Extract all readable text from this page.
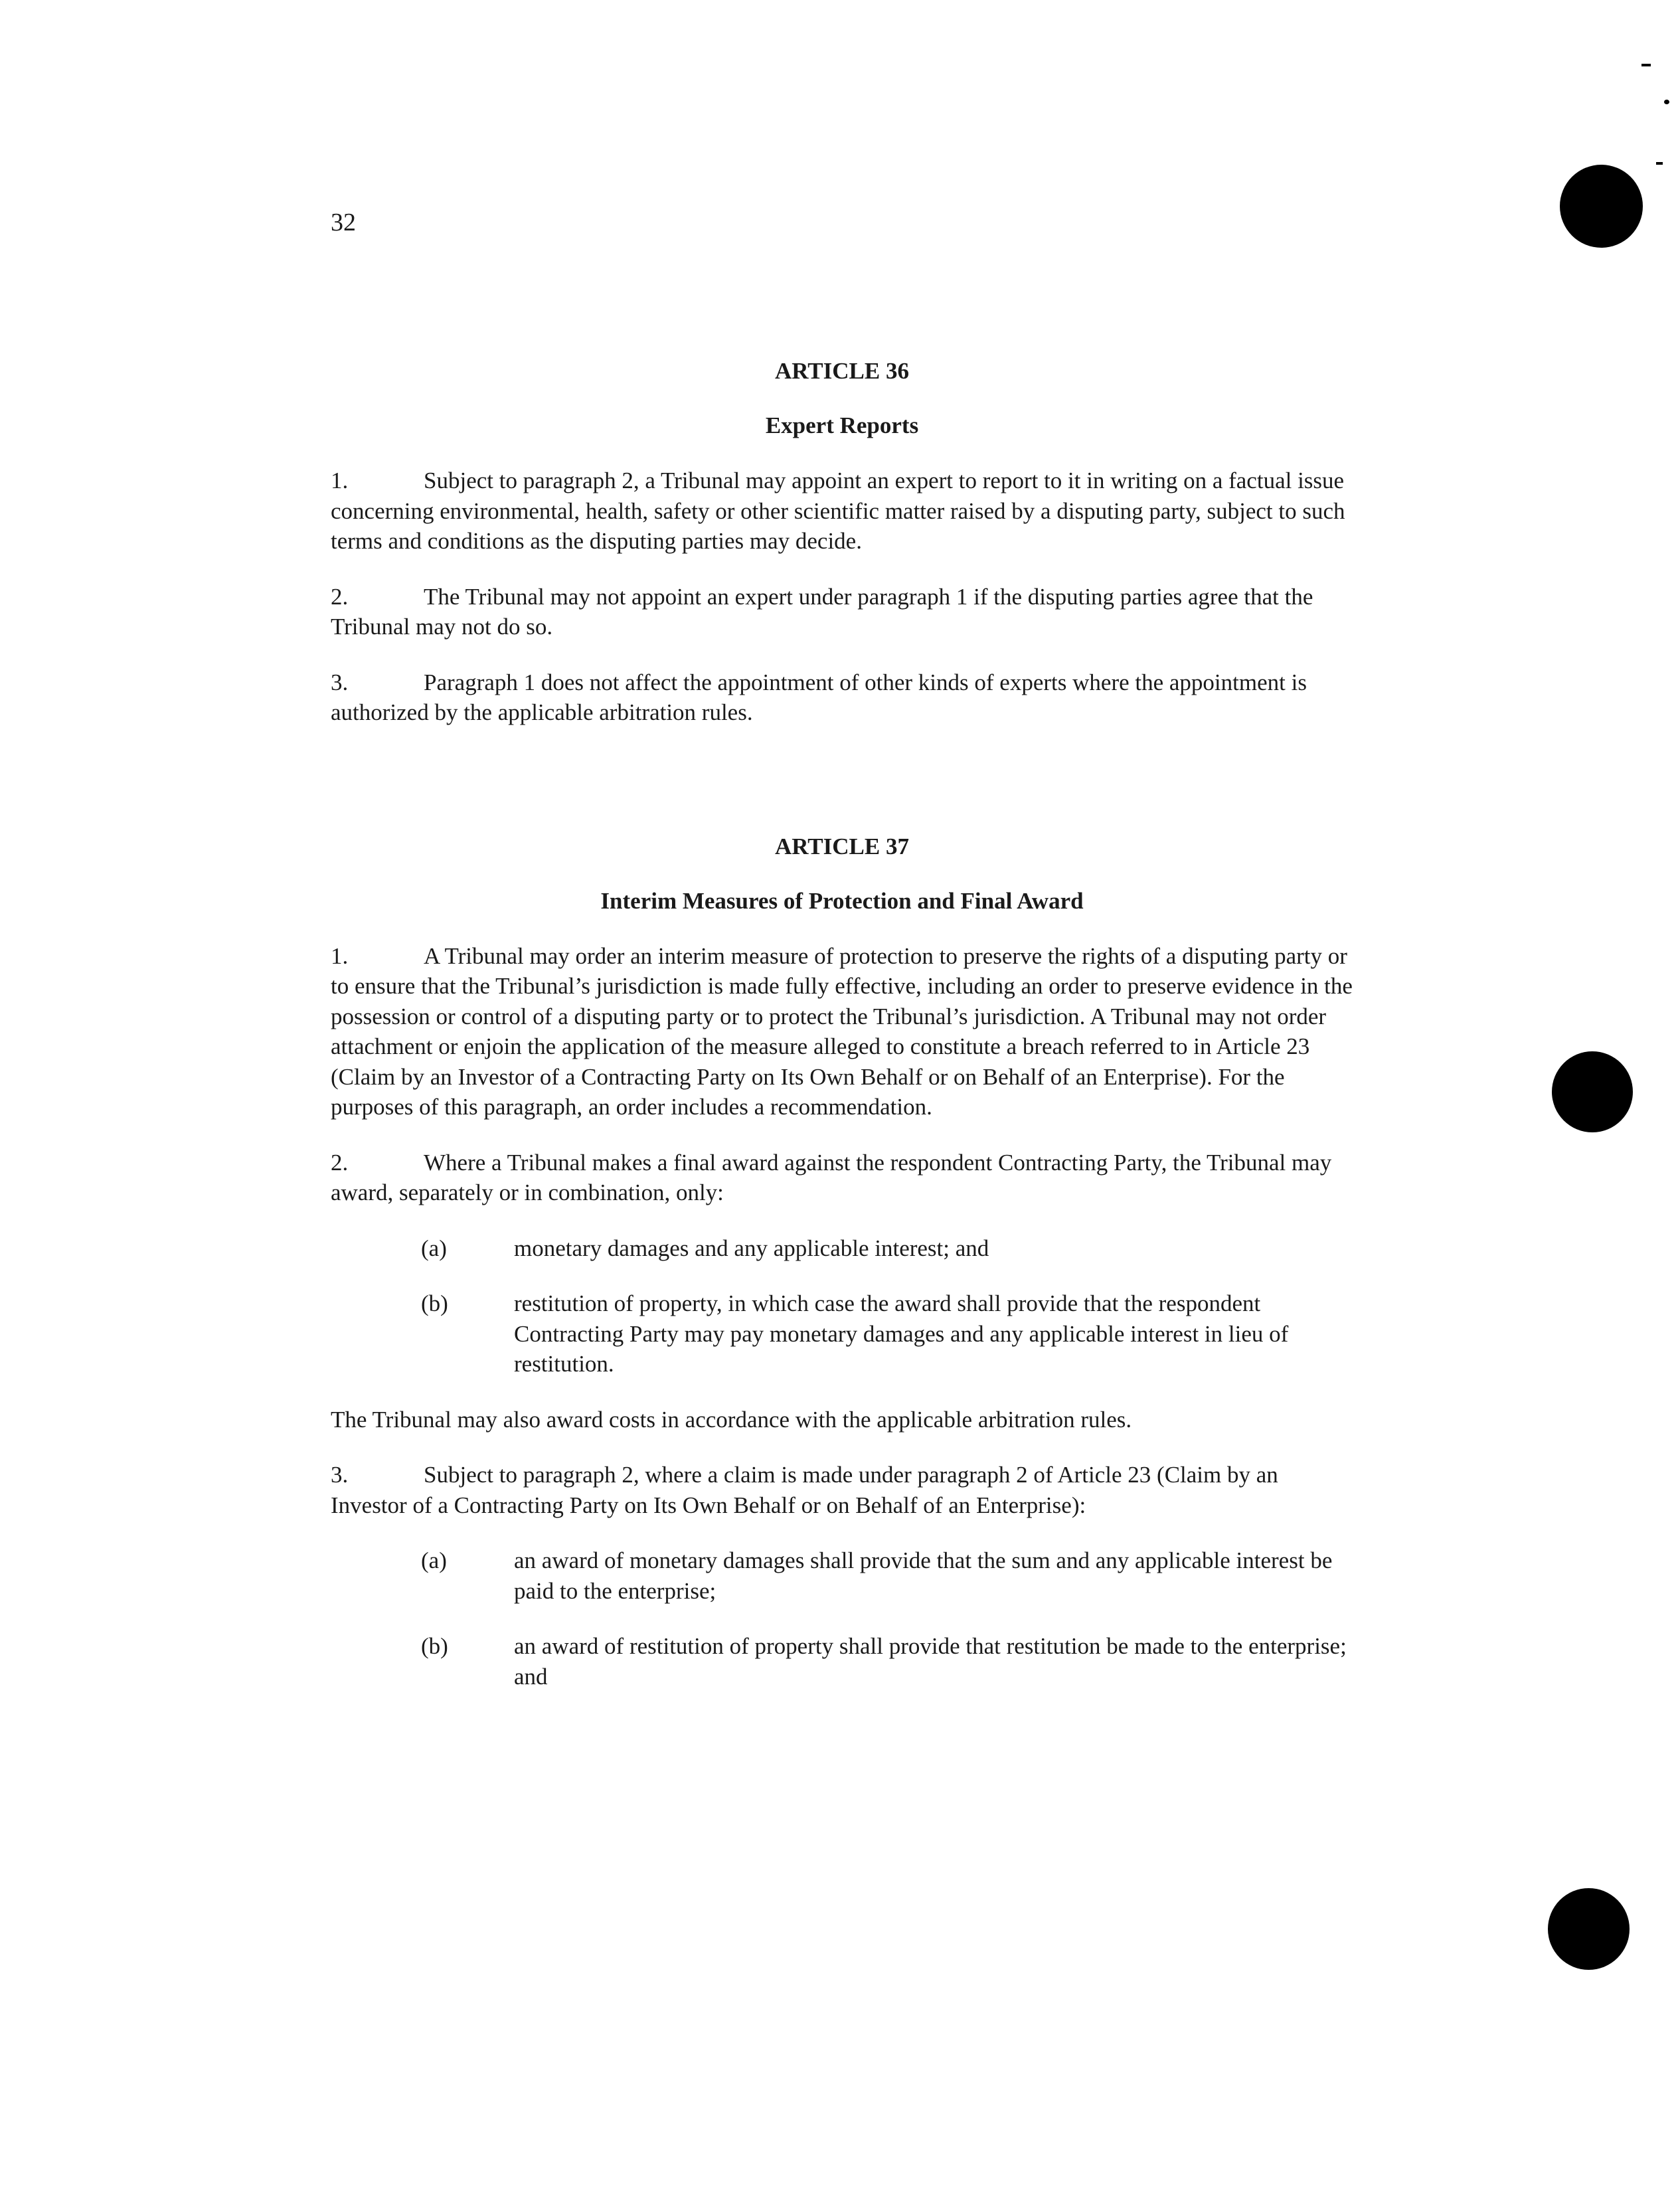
32
ARTICLE 36
Expert Reports

1.	Subject to paragraph 2, a Tribunal may appoint an expert to report to it in writing on a factual issue concerning environmental, health, safety or other scientific matter raised by a disputing party, subject to such terms and conditions as the disputing parties may decide.

2.	The Tribunal may not appoint an expert under paragraph 1 if the disputing parties agree that the Tribunal may not do so.

3.	Paragraph 1 does not affect the appointment of other kinds of experts where the appointment is authorized by the applicable arbitration rules.

ARTICLE 37
Interim Measures of Protection and Final Award

1.	A Tribunal may order an interim measure of protection to preserve the rights of a disputing party or to ensure that the Tribunal’s jurisdiction is made fully effective, including an order to preserve evidence in the possession or control of a disputing party or to protect the Tribunal’s jurisdiction. A Tribunal may not order attachment or enjoin the application of the measure alleged to constitute a breach referred to in Article 23 (Claim by an Investor of a Contracting Party on Its Own Behalf or on Behalf of an Enterprise). For the purposes of this paragraph, an order includes a recommendation.

2.	Where a Tribunal makes a final award against the respondent Contracting Party, the Tribunal may award, separately or in combination, only:

(a)	monetary damages and any applicable interest; and
(b)	restitution of property, in which case the award shall provide that the respondent Contracting Party may pay monetary damages and any applicable interest in lieu of restitution.

The Tribunal may also award costs in accordance with the applicable arbitration rules.

3.	Subject to paragraph 2, where a claim is made under paragraph 2 of Article 23 (Claim by an Investor of a Contracting Party on Its Own Behalf or on Behalf of an Enterprise):

(a)	an award of monetary damages shall provide that the sum and any applicable interest be paid to the enterprise;
(b)	an award of restitution of property shall provide that restitution be made to the enterprise; and
